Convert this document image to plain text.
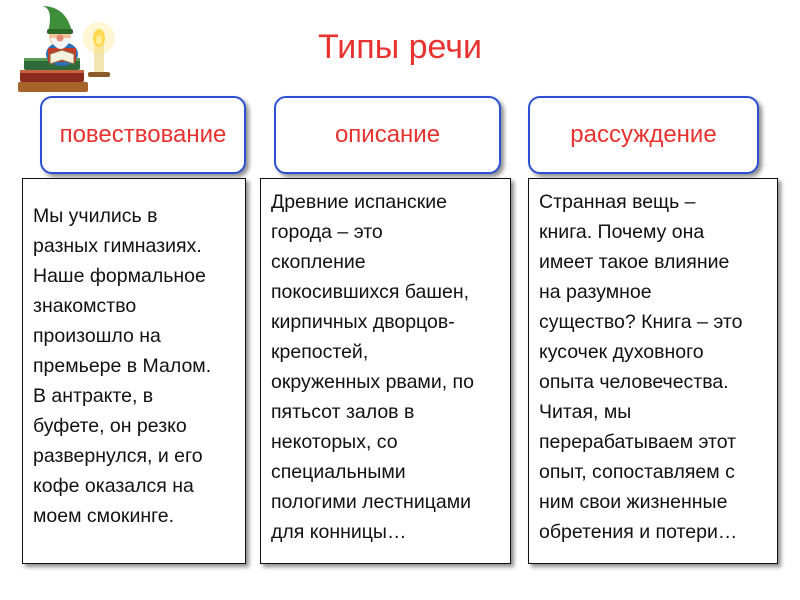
Типы речи
повествование	описание	рассуждение

Мы учились в

разных гимназиях.

Наше формальное

знакомство

произошло на

премьере в Малом.

В антракте, в

буфете, он резко

развернулся, и его

кофе оказался на

моем смокинге.

Древние испанские

города – это

скопление

покосившихся башен,

кирпичных дворцов-

крепостей,

окруженных рвами, по

пятьсот залов в

некоторых, со

специальными

пологими лестницами

для конницы…

Странная вещь –

книга. Почему она

имеет такое влияние

на разумное

существо? Книга – это

кусочек духовного

опыта человечества.

Читая, мы

перерабатываем этот

опыт, сопоставляем с

ним свои жизненные

обретения и потери…
